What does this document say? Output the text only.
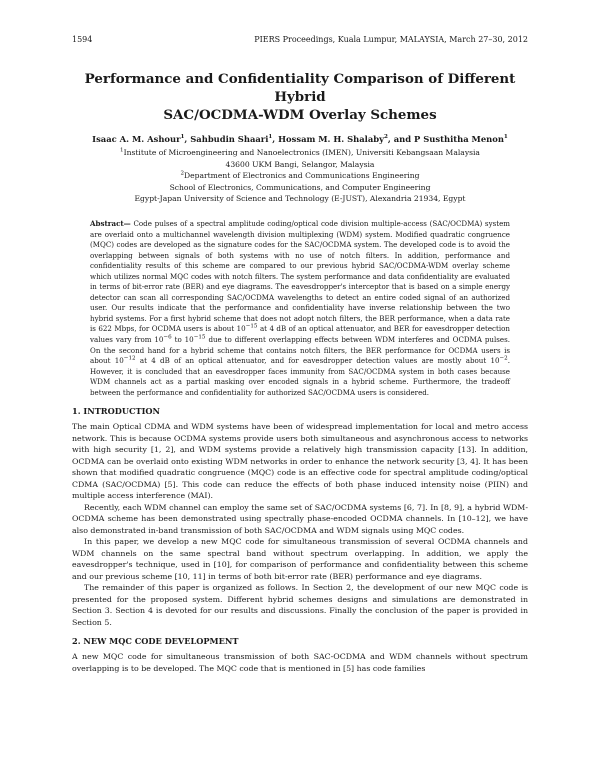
1594	PIERS Proceedings, Kuala Lumpur, MALAYSIA, March 27–30, 2012
Performance and Confidentiality Comparison of Different Hybrid
SAC/OCDMA-WDM Overlay Schemes
Isaac A. M. Ashour$^1$, Sahbudin Shaari$^1$, Hossam M. H. Shalaby$^2$, and P Susthitha Menon$^1$
$^1$Institute of Microengineering and Nanoelectronics (IMEN), Universiti Kebangsaan Malaysia
43600 UKM Bangi, Selangor, Malaysia
$^2$Department of Electronics and Communications Engineering
School of Electronics, Communications, and Computer Engineering
Egypt-Japan University of Science and Technology (E-JUST), Alexandria 21934, Egypt
Abstract— Code pulses of a spectral amplitude coding/optical code division multiple-access (SAC/OCDMA) system are overlaid onto a multichannel wavelength division multiplexing (WDM) system. Modified quadratic congruence (MQC) codes are developed as the signature codes for the SAC/OCDMA system. The developed code is to avoid the overlapping between signals of both systems with no use of notch filters. In addition, performance and confidentiality results of this scheme are compared to our previous hybrid SAC/OCDMA-WDM overlay scheme which utilizes normal MQC codes with notch filters. The system performance and data confidentiality are evaluated in terms of bit-error rate (BER) and eye diagrams. The eavesdropper's interceptor that is based on a simple energy detector can scan all corresponding SAC/OCDMA wavelengths to detect an entire coded signal of an authorized user. Our results indicate that the performance and confidentiality have inverse relationship between the two hybrid systems. For a first hybrid scheme that does not adopt notch filters, the BER performance, when a data rate is 622 Mbps, for OCDMA users is about $10^{-15}$ at 4 dB of an optical attenuator, and BER for eavesdropper detection values vary from $10^{-6}$ to $10^{-15}$ due to different overlapping effects between WDM interferes and OCDMA pulses. On the second hand for a hybrid scheme that contains notch filters, the BER performance for OCDMA users is about $10^{-12}$ at 4 dB of an optical attenuator, and for eavesdropper detection values are mostly about $10^{-2}$. However, it is concluded that an eavesdropper faces immunity from SAC/OCDMA system in both cases because WDM channels act as a partial masking over encoded signals in a hybrid scheme. Furthermore, the tradeoff between the performance and confidentiality for authorized SAC/OCDMA users is considered.
1. INTRODUCTION

The main Optical CDMA and WDM systems have been of widespread implementation for local and metro access network. This is because OCDMA systems provide users both simultaneous and asynchronous access to networks with high security [1, 2], and WDM systems provide a relatively high transmission capacity [13]. In addition, OCDMA can be overlaid onto existing WDM networks in order to enhance the network security [3, 4]. It has been shown that modified quadratic congruence (MQC) code is an effective code for spectral amplitude coding/optical CDMA (SAC/OCDMA) [5]. This code can reduce the effects of both phase induced intensity noise (PIIN) and multiple access interference (MAI).

Recently, each WDM channel can employ the same set of SAC/OCDMA systems [6, 7]. In [8, 9], a hybrid WDM-OCDMA scheme has been demonstrated using spectrally phase-encoded OCDMA channels. In [10–12], we have also demonstrated in-band transmission of both SAC/OCDMA and WDM signals using MQC codes.

In this paper, we develop a new MQC code for simultaneous transmission of several OCDMA channels and WDM channels on the same spectral band without spectrum overlapping. In addition, we apply the eavesdropper's technique, used in [10], for comparison of performance and confidentiality between this scheme and our previous scheme [10, 11] in terms of both bit-error rate (BER) performance and eye diagrams.

The remainder of this paper is organized as follows. In Section 2, the development of our new MQC code is presented for the proposed system. Different hybrid schemes designs and simulations are demonstrated in Section 3. Section 4 is devoted for our results and discussions. Finally the conclusion of the paper is provided in Section 5.

2. NEW MQC CODE DEVELOPMENT

A new MQC code for simultaneous transmission of both SAC-OCDMA and WDM channels without spectrum overlapping is to be developed. The MQC code that is mentioned in [5] has code families
